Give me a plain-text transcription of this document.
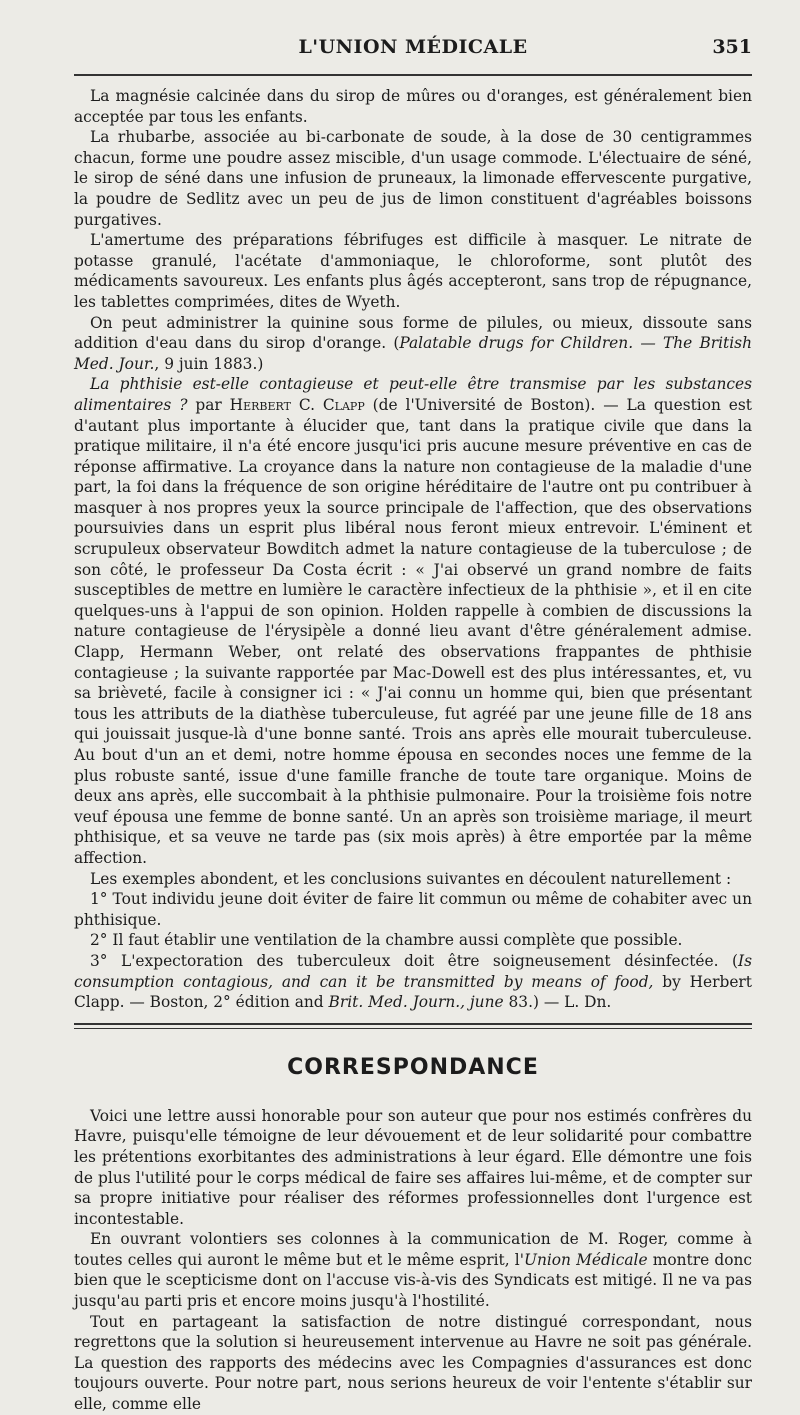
L'UNION MÉDICALE	351

La magnésie calcinée dans du sirop de mûres ou d'oranges, est généralement bien acceptée par tous les enfants.

La rhubarbe, associée au bi-carbonate de soude, à la dose de 30 centigrammes chacun, forme une poudre assez miscible, d'un usage commode. L'électuaire de séné, le sirop de séné dans une infusion de pruneaux, la limonade effervescente purgative, la poudre de Sedlitz avec un peu de jus de limon constituent d'agréables boissons purgatives.

L'amertume des préparations fébrifuges est difficile à masquer. Le nitrate de potasse granulé, l'acétate d'ammoniaque, le chloroforme, sont plutôt des médicaments savoureux. Les enfants plus âgés accepteront, sans trop de répugnance, les tablettes comprimées, dites de Wyeth.

On peut administrer la quinine sous forme de pilules, ou mieux, dissoute sans addition d'eau dans du sirop d'orange. (Palatable drugs for Children. — The British Med. Jour., 9 juin 1883.)

La phthisie est-elle contagieuse et peut-elle être transmise par les substances alimentaires ? par Herbert C. Clapp (de l'Université de Boston). — La question est d'autant plus importante à élucider que, tant dans la pratique civile que dans la pratique militaire, il n'a été encore jusqu'ici pris aucune mesure préventive en cas de réponse affirmative. La croyance dans la nature non contagieuse de la maladie d'une part, la foi dans la fréquence de son origine héréditaire de l'autre ont pu contribuer à masquer à nos propres yeux la source principale de l'affection, que des observations poursuivies dans un esprit plus libéral nous feront mieux entrevoir. L'éminent et scrupuleux observateur Bowditch admet la nature contagieuse de la tuberculose ; de son côté, le professeur Da Costa écrit : « J'ai observé un grand nombre de faits susceptibles de mettre en lumière le caractère infectieux de la phthisie », et il en cite quelques-uns à l'appui de son opinion. Holden rappelle à combien de discussions la nature contagieuse de l'érysipèle a donné lieu avant d'être généralement admise. Clapp, Hermann Weber, ont relaté des observations frappantes de phthisie contagieuse ; la suivante rapportée par Mac-Dowell est des plus intéressantes, et, vu sa brièveté, facile à consigner ici : « J'ai connu un homme qui, bien que présentant tous les attributs de la diathèse tuberculeuse, fut agréé par une jeune fille de 18 ans qui jouissait jusque-là d'une bonne santé. Trois ans après elle mourait tuberculeuse. Au bout d'un an et demi, notre homme épousa en secondes noces une femme de la plus robuste santé, issue d'une famille franche de toute tare organique. Moins de deux ans après, elle succombait à la phthisie pulmonaire. Pour la troisième fois notre veuf épousa une femme de bonne santé. Un an après son troisième mariage, il meurt phthisique, et sa veuve ne tarde pas (six mois après) à être emportée par la même affection.

Les exemples abondent, et les conclusions suivantes en découlent naturellement :

1° Tout individu jeune doit éviter de faire lit commun ou même de cohabiter avec un phthisique.

2° Il faut établir une ventilation de la chambre aussi complète que possible.

3° L'expectoration des tuberculeux doit être soigneusement désinfectée. (Is consumption contagious, and can it be transmitted by means of food, by Herbert Clapp. — Boston, 2° édition and Brit. Med. Journ., june 83.) — L. Dn.

CORRESPONDANCE

Voici une lettre aussi honorable pour son auteur que pour nos estimés confrères du Havre, puisqu'elle témoigne de leur dévouement et de leur solidarité pour combattre les prétentions exorbitantes des administrations à leur égard. Elle démontre une fois de plus l'utilité pour le corps médical de faire ses affaires lui-même, et de compter sur sa propre initiative pour réaliser des réformes professionnelles dont l'urgence est incontestable.

En ouvrant volontiers ses colonnes à la communication de M. Roger, comme à toutes celles qui auront le même but et le même esprit, l'Union Médicale montre donc bien que le scepticisme dont on l'accuse vis-à-vis des Syndicats est mitigé. Il ne va pas jusqu'au parti pris et encore moins jusqu'à l'hostilité.

Tout en partageant la satisfaction de notre distingué correspondant, nous regrettons que la solution si heureusement intervenue au Havre ne soit pas générale. La question des rapports des médecins avec les Compagnies d'assurances est donc toujours ouverte. Pour notre part, nous serions heureux de voir l'entente s'établir sur elle, comme elle
